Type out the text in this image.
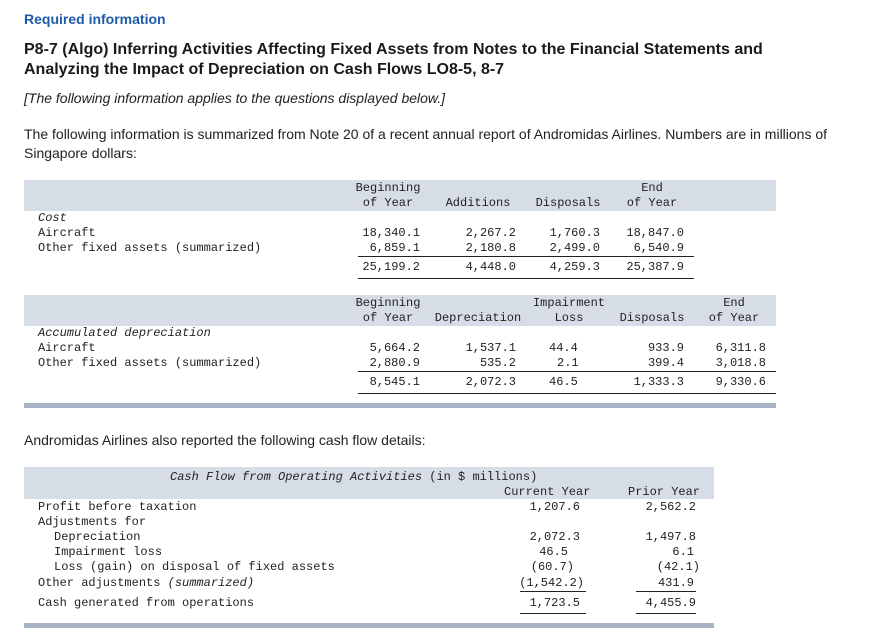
Required information
P8-7 (Algo) Inferring Activities Affecting Fixed Assets from Notes to the Financial Statements and
Analyzing the Impact of Depreciation on Cash Flows LO8-5, 8-7
[The following information applies to the questions displayed below.]
The following information is summarized from Note 20 of a recent annual report of Andromidas Airlines. Numbers are in millions of Singapore dollars:
Beginning
of Year	Additions	Disposals
End
of Year
Cost
Aircraft	18,340.1	2,267.2	1,760.3	18,847.0
Other fixed assets (summarized)	6,859.1	2,180.8	2,499.0	6,540.9
25,199.2	4,448.0	4,259.3	25,387.9
Beginning
of Year	Depreciation
Impairment
Loss	Disposals
End
of Year
Accumulated depreciation
Aircraft	5,664.2	1,537.1	44.4	933.9	6,311.8
Other fixed assets (summarized)	2,880.9	535.2	2.1	399.4	3,018.8
8,545.1	2,072.3	46.5	1,333.3	9,330.6
Andromidas Airlines also reported the following cash flow details:
Cash Flow from Operating Activities (in $ millions)
Current Year	Prior Year
Profit before taxation	1,207.6	2,562.2
Adjustments for
Depreciation	2,072.3	1,497.8
Impairment loss	46.5	6.1
Loss (gain) on disposal of fixed assets	(60.7)	(42.1)
Other adjustments (summarized)	(1,542.2)	431.9
Cash generated from operations	1,723.5	4,455.9
